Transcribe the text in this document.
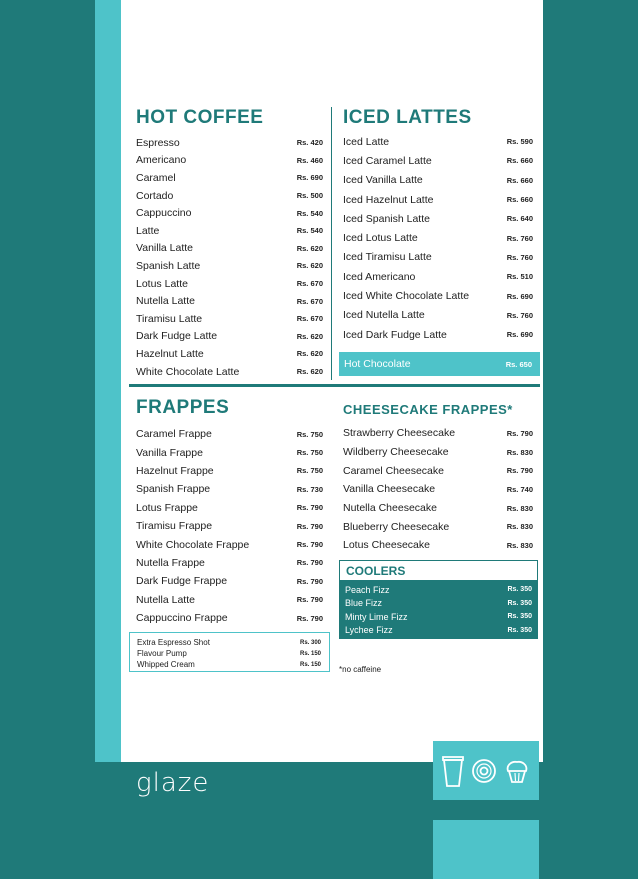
HOT COFFEE
Espresso	Rs. 420
Americano	Rs. 460
Caramel	Rs. 690
Cortado	Rs. 500
Cappuccino	Rs. 540
Latte	Rs. 540
Vanilla Latte	Rs. 620
Spanish Latte	Rs. 620
Lotus Latte	Rs. 670
Nutella Latte	Rs. 670
Tiramisu Latte	Rs. 670
Dark Fudge Latte	Rs. 620
Hazelnut Latte	Rs. 620
White Chocolate Latte	Rs. 620
ICED LATTES
Iced Latte	Rs. 590
Iced Caramel Latte	Rs. 660
Iced Vanilla Latte	Rs. 660
Iced Hazelnut Latte	Rs. 660
Iced Spanish Latte	Rs. 640
Iced Lotus Latte	Rs. 760
Iced Tiramisu Latte	Rs. 760
Iced Americano	Rs. 510
Iced White Chocolate Latte	Rs. 690
Iced Nutella Latte	Rs. 760
Iced Dark Fudge Latte	Rs. 690
Hot Chocolate	Rs. 650
FRAPPES
Caramel Frappe	Rs. 750
Vanilla Frappe	Rs. 750
Hazelnut Frappe	Rs. 750
Spanish Frappe	Rs. 730
Lotus Frappe	Rs. 790
Tiramisu Frappe	Rs. 790
White Chocolate Frappe	Rs. 790
Nutella Frappe	Rs. 790
Dark Fudge Frappe	Rs. 790
Nutella Latte	Rs. 790
Cappuccino Frappe	Rs. 790
Extra Espresso Shot	Rs. 300
Flavour Pump	Rs. 150
Whipped Cream	Rs. 150
CHEESECAKE FRAPPES*
Strawberry Cheesecake	Rs. 790
Wildberry Cheesecake	Rs. 830
Caramel Cheesecake	Rs. 790
Vanilla Cheesecake	Rs. 740
Nutella Cheesecake	Rs. 830
Blueberry Cheesecake	Rs. 830
Lotus Cheesecake	Rs. 830
COOLERS
Peach Fizz	Rs. 350
Blue Fizz	Rs. 350
Minty Lime Fizz	Rs. 350
Lychee Fizz	Rs. 350
*no caffeine
glaze
